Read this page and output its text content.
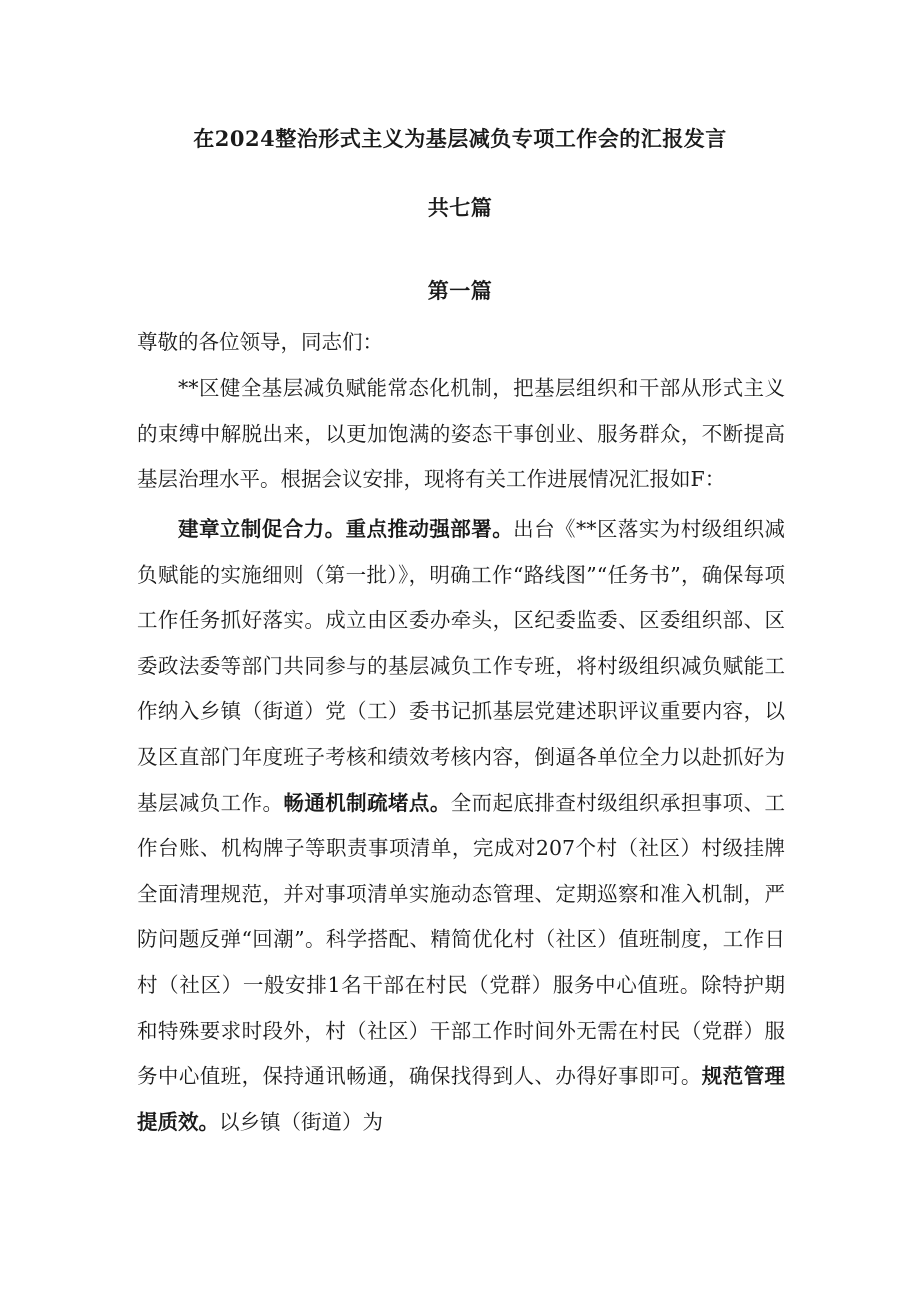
在2024整治形式主义为基层减负专项工作会的汇报发言
共七篇
第一篇
尊敬的各位领导，同志们：

**区健全基层减负赋能常态化机制，把基层组织和干部从形式主义的束缚中解脱出来，以更加饱满的姿态干事创业、服务群众，不断提高基层治理水平。根据会议安排，现将有关工作进展情况汇报如F：

建章立制促合力。重点推动强部署。出台《**区落实为村级组织减负赋能的实施细则（第一批）》，明确工作“路线图”“任务书”，确保每项工作任务抓好落实。成立由区委办牵头，区纪委监委、区委组织部、区委政法委等部门共同参与的基层减负工作专班，将村级组织减负赋能工作纳入乡镇（街道）党（工）委书记抓基层党建述职评议重要内容，以及区直部门年度班子考核和绩效考核内容，倒逼各单位全力以赴抓好为基层减负工作。畅通机制疏堵点。全而起底排查村级组织承担事项、工作台账、机构牌子等职责事项清单，完成对207个村（社区）村级挂牌全面清理规范，并对事项清单实施动态管理、定期巡察和准入机制，严防问题反弹“回潮”。科学搭配、精简优化村（社区）值班制度，工作日村（社区）一般安排1名干部在村民（党群）服务中心值班。除特护期和特殊要求时段外，村（社区）干部工作时间外无需在村民（党群）服务中心值班，保持通讯畅通，确保找得到人、办得好事即可。规范管理提质效。以乡镇（街道）为
